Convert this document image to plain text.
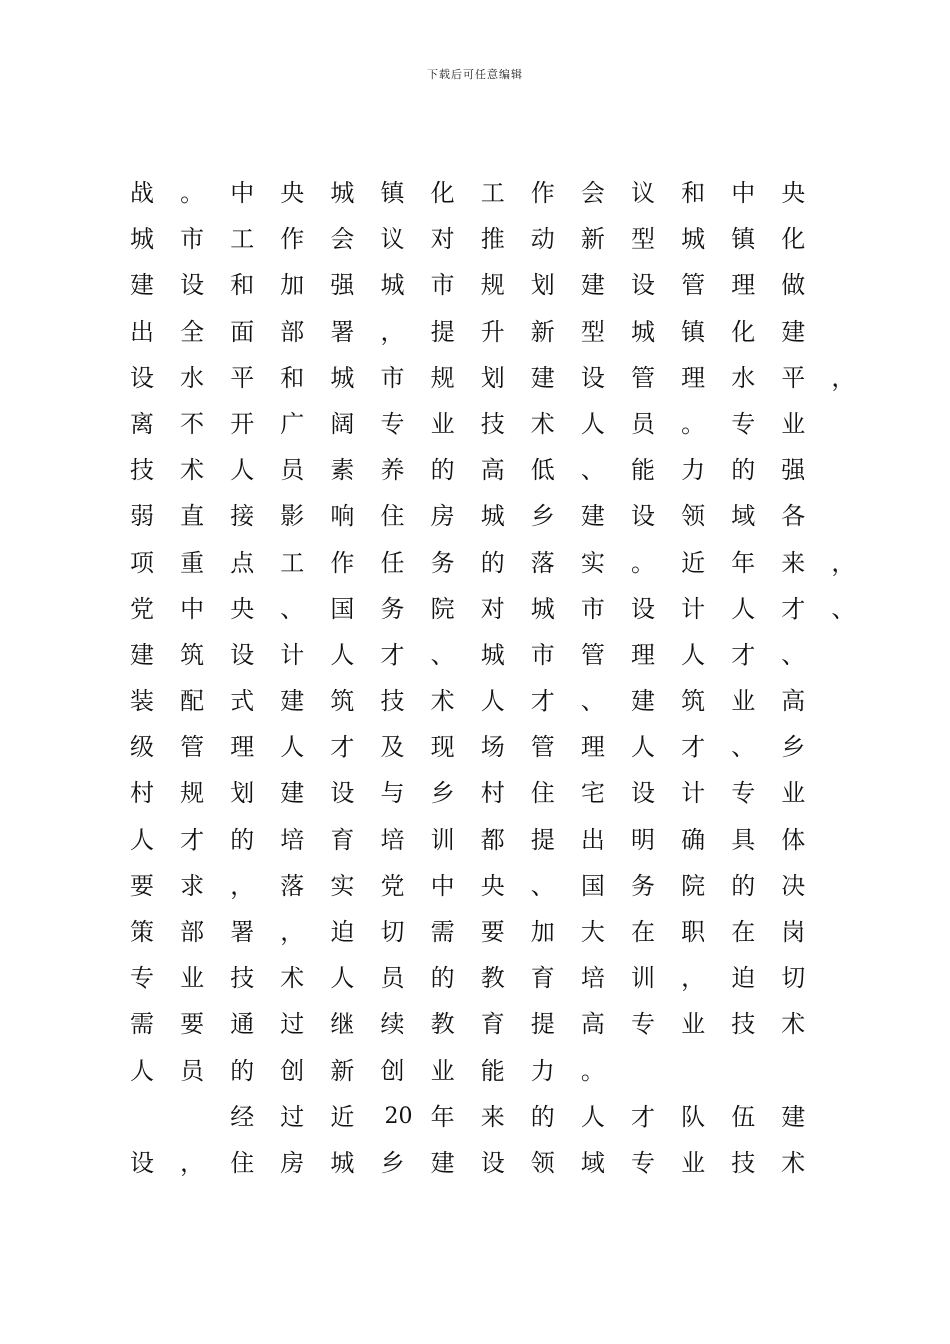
下载后可任意编辑
战 。 中 央 城 镇 化 工 作 会 议 和 中 央
城 市 工 作 会 议 对 推 动 新 型 城 镇 化
建 设 和 加 强 城 市 规 划 建 设 管 理 做
出 全 面 部 署 ， 提 升 新 型 城 镇 化 建
设 水 平 和 城 市 规 划 建 设 管 理 水 平 ，
离 不 开 广 阔 专 业 技 术 人 员 。 专 业
技 术 人 员 素 养 的 高 低 、 能 力 的 强
弱 直 接 影 响 住 房 城 乡 建 设 领 域 各
项 重 点 工 作 任 务 的 落 实 。 近 年 来 ，
党 中 央 、 国 务 院 对 城 市 设 计 人 才 、
建 筑 设 计 人 才 、 城 市 管 理 人 才 、
装 配 式 建 筑 技 术 人 才 、 建 筑 业 高
级 管 理 人 才 及 现 场 管 理 人 才 、 乡
村 规 划 建 设 与 乡 村 住 宅 设 计 专 业
人 才 的 培 育 培 训 都 提 出 明 确 具 体
要 求 ， 落 实 党 中 央 、 国 务 院 的 决
策 部 署 ， 迫 切 需 要 加 大 在 职 在 岗
专 业 技 术 人 员 的 教 育 培 训 ， 迫 切
需 要 通 过 继 续 教 育 提 高 专 业 技 术
人 员 的 创 新 创 业 能 力 。
经 过 近 20 年 来 的 人 才 队 伍 建
设 ， 住 房 城 乡 建 设 领 域 专 业 技 术
